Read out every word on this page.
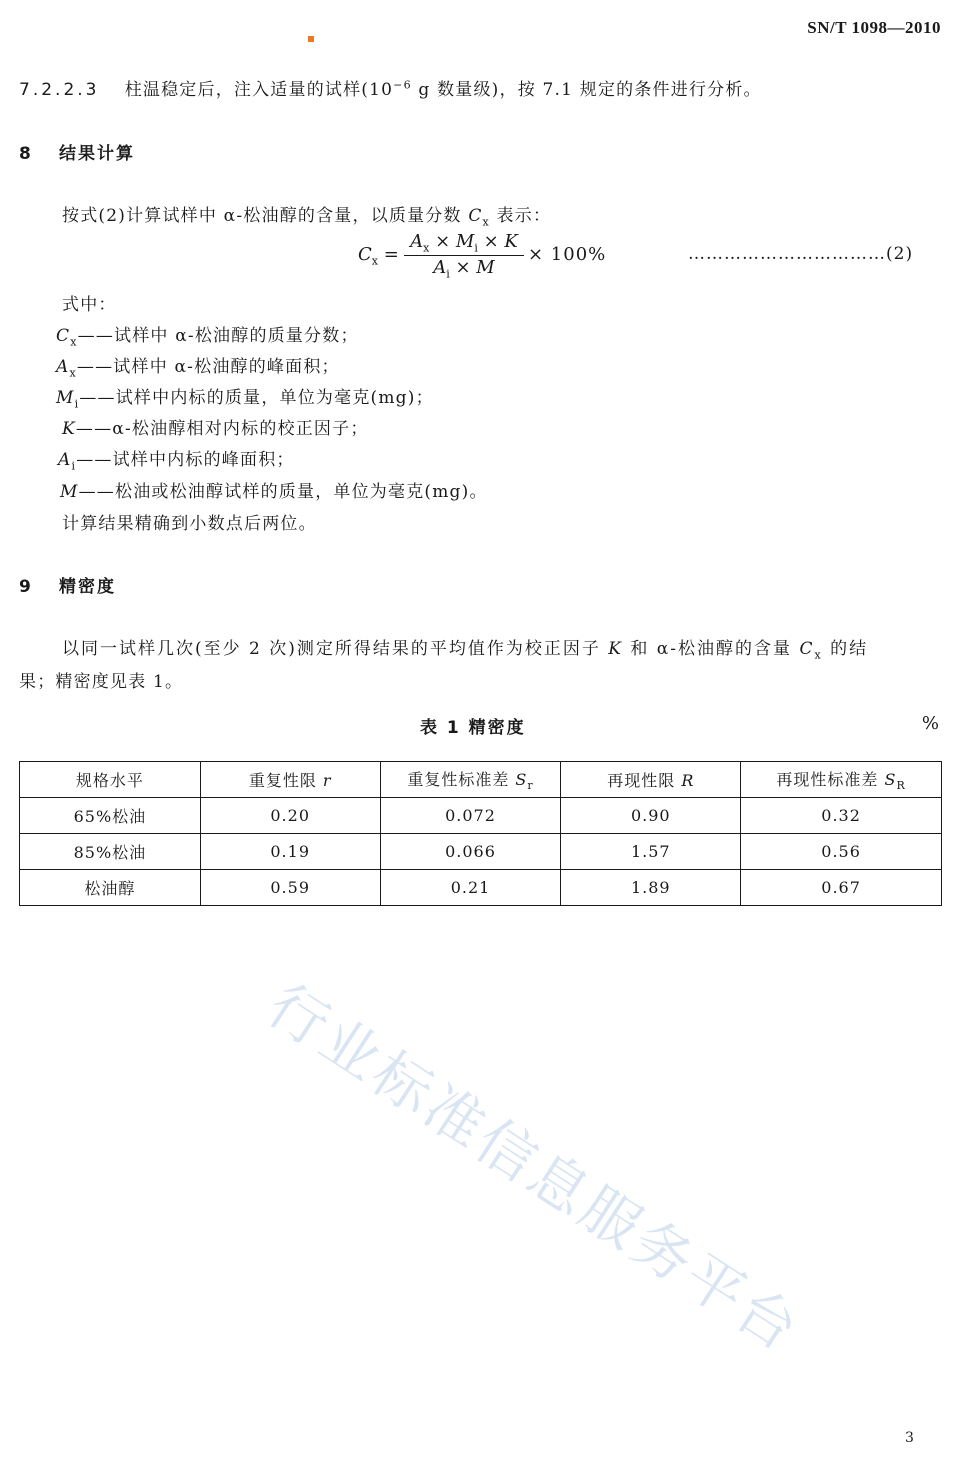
SN/T 1098—2010
7.2.2.3 柱温稳定后，注入适量的试样($10^{-6}$ g 数量级)，按 7.1 规定的条件进行分析。
8 结果计算
按式(2)计算试样中 α-松油醇的含量，以质量分数 $C_x$ 表示：
$C_x$ =
$A_x \times M_i \times K$
$A_i \times M$
× 100%	……………………………(2)
式中：
$C_x——$试样中 α-松油醇的质量分数；
$A_x——$试样中 α-松油醇的峰面积；
$M_i——$试样中内标的质量，单位为毫克(mg)；
K——α-松油醇相对内标的校正因子；
$A_i——$试样中内标的峰面积；
M——松油或松油醇试样的质量，单位为毫克(mg)。
计算结果精确到小数点后两位。
9 精密度
以同一试样几次(至少 2 次)测定所得结果的平均值作为校正因子 K 和 α-松油醇的含量 $C_x$ 的结
果；精密度见表 1。
表 1 精密度	%
规格水平	重复性限 r	重复性标准差 $S_r$	再现性限 R	再现性标准差 $S_R$
65%松油	0.20	0.072	0.90	0.32
85%松油	0.19	0.066	1.57	0.56
松油醇	0.59	0.21	1.89	0.67
行业标准信息服务平台
3
